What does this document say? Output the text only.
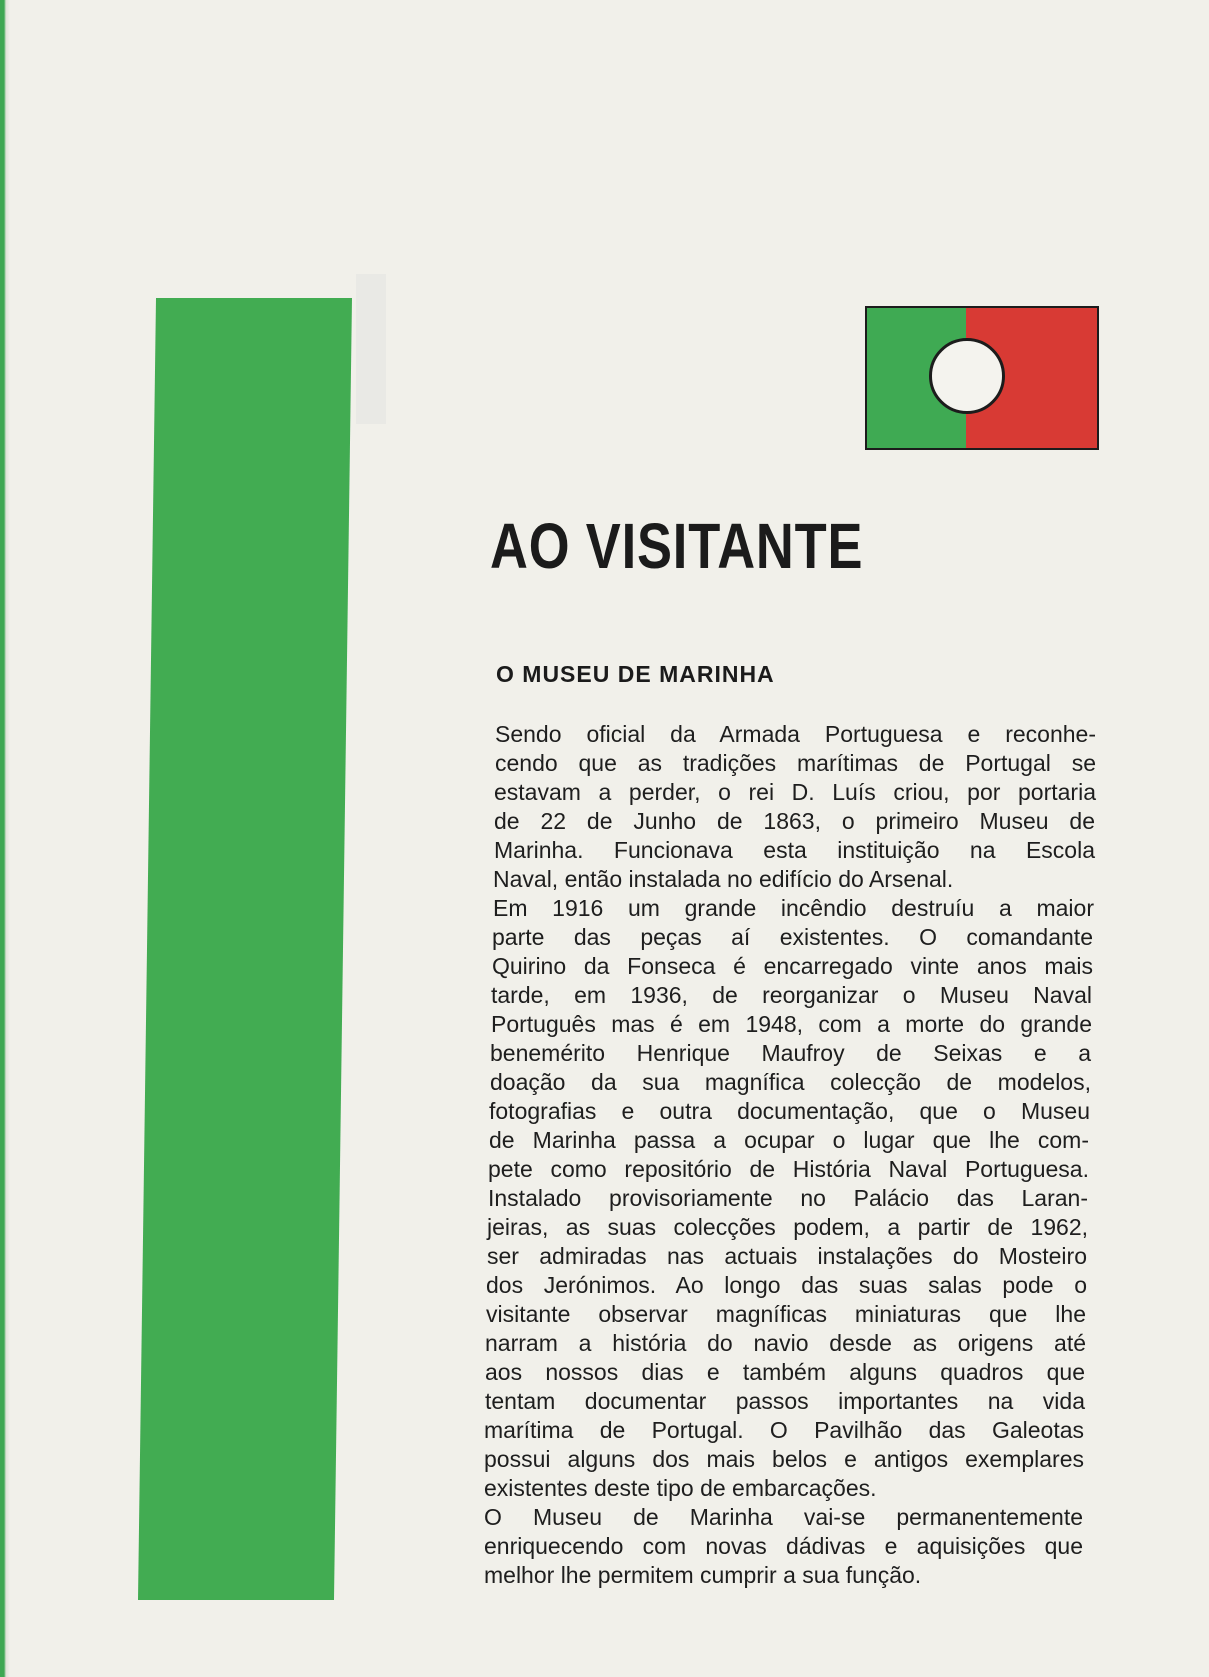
AO VISITANTE
O MUSEU DE MARINHA
Sendo oficial da Armada Portuguesa e reconhe-
cendo que as tradições marítimas de Portugal se
estavam a perder, o rei D. Luís criou, por portaria
de 22 de Junho de 1863, o primeiro Museu de
Marinha. Funcionava esta instituição na Escola
Naval, então instalada no edifício do Arsenal.
Em 1916 um grande incêndio destruíu a maior
parte das peças aí existentes. O comandante
Quirino da Fonseca é encarregado vinte anos mais
tarde, em 1936, de reorganizar o Museu Naval
Português mas é em 1948, com a morte do grande
benemérito Henrique Maufroy de Seixas e a
doação da sua magnífica colecção de modelos,
fotografias e outra documentação, que o Museu
de Marinha passa a ocupar o lugar que lhe com-
pete como repositório de História Naval Portuguesa.
Instalado provisoriamente no Palácio das Laran-
jeiras, as suas colecções podem, a partir de 1962,
ser admiradas nas actuais instalações do Mosteiro
dos Jerónimos. Ao longo das suas salas pode o
visitante observar magníficas miniaturas que lhe
narram a história do navio desde as origens até
aos nossos dias e também alguns quadros que
tentam documentar passos importantes na vida
marítima de Portugal. O Pavilhão das Galeotas
possui alguns dos mais belos e antigos exemplares
existentes deste tipo de embarcações.
O Museu de Marinha vai-se permanentemente
enriquecendo com novas dádivas e aquisições que
melhor lhe permitem cumprir a sua função.
